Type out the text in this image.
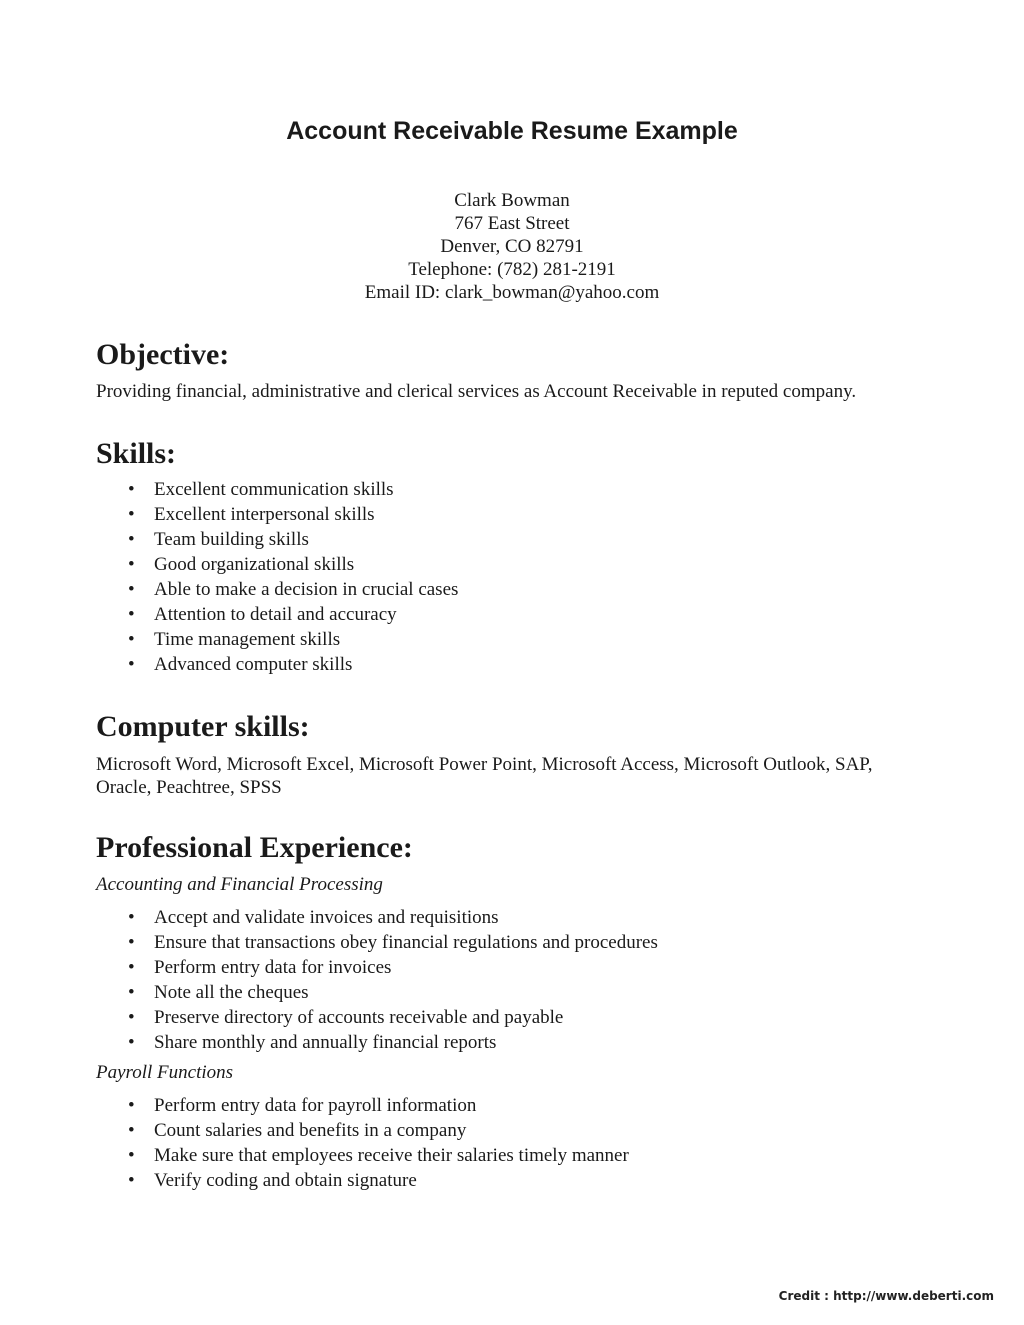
Account Receivable Resume Example
Clark Bowman
767 East Street
Denver, CO 82791
Telephone: (782) 281-2191
Email ID: clark_bowman@yahoo.com
Objective:

Providing financial, administrative and clerical services as Account Receivable in reputed company.

Skills:
• Excellent communication skills
• Excellent interpersonal skills
• Team building skills
• Good organizational skills
• Able to make a decision in crucial cases
• Attention to detail and accuracy
• Time management skills
• Advanced computer skills
Computer skills:

Microsoft Word, Microsoft Excel, Microsoft Power Point, Microsoft Access, Microsoft Outlook, SAP,

Oracle, Peachtree, SPSS

Professional Experience:

Accounting and Financial Processing

• Accept and validate invoices and requisitions
• Ensure that transactions obey financial regulations and procedures
• Perform entry data for invoices
• Note all the cheques
• Preserve directory of accounts receivable and payable
• Share monthly and annually financial reports

Payroll Functions

• Perform entry data for payroll information
• Count salaries and benefits in a company
• Make sure that employees receive their salaries timely manner
• Verify coding and obtain signature
Credit : http://www.deberti.com
